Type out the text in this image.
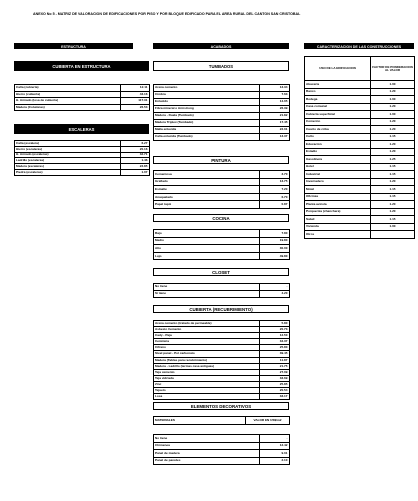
ANEXO No 5 - MATRIZ DE VALORACION DE EDIFICACIONES POR PISO Y POR BLOQUE EDIFICADO PARA EL AREA RURAL DEL CANTON SAN CRISTOBAL
ESTRUCTURA
CUBIERTA EN ESTRUCTURA
Caña (cubierta)	12.11
Hierro (cubierta)	43.16
H. Armado (losa de cubierta)	117.31
Madera (Columnas)	26.53
ESCALERAS
Caña (escalera)	6.27
Hierro (escaleras)	20.16
H. Armado (escaleras)	32.71
Ladrillo (escaleras)	1.46
Madera (escaleras)	22.85
Piedra (escaleras)	1.07
ACABADOS
TUMBADOS
Arena cemento	13.34
Cimbra	7.63
Enlucido	14.05
Fibra mineral o Armstrong	26.39
Madera - Duela (Tumbado)	21.82
Madera Triplex (Tumbado)	17.45
Malla enlucida	22.01
Caña enlucida (Tumbado)	13.37
PINTURA
Cementosa	3.70
Grafiado	13.75
Esmalte	7.20
Anaquelado	6.70
Papel tapiz	0.87
COCINA
Bajo	7.80
Medio	19.80
Alto	30.00
Lujo	49.80
CLOSET
No tiene	-
Si tiene	4.20
CUBIERTA (RECUBRIMIENTO)
Arena cemento (tratado de permeable)	5.80
Asbesto Cemento	20.73
Cady - Paja	12.50
Cerámica	34.37
Cifrano	25.80
Steel panel - Pol carbonato	39.45
Madera (Tablas para recubrimiento)	11.87
Madera - Ladrillo (termas casa antiguas)	21.75
Teja cemento	27.09
Teja vidriada	33.69
Zinc	25.85
Tejuelo	20.54
Losa	33.17
ELEMENTOS DECORATIVOS
MATERIALES	VALOR EN US$/m2
No tiene	-
Chimenea	12.42
Panel de madera	9.01
Panel de paredes	2.10
CARACTERIZACION DE LAS CONSTRUCCIONES
USO DE LA EDIFICACION	FACTOR DE PONDERACION AL VALOR
Abacería	1.00
Banco	1.20
Bodega	1.00
Casa comunal	1.20
Cubierta superficial	1.00
Comercio	1.20
Cuarto de criba	1.20
Culto	1.15
Educación	1.20
Estadio	1.20
Gasolinera	1.25
Hotel	1.15
Industrial	1.15
Invernadero	1.20
Motel	1.15
Oficinas	1.15
Planta avícola	1.20
Porqueriza (chanchera)	1.20
Salud	1.15
Vivienda	1.00
Otros	
